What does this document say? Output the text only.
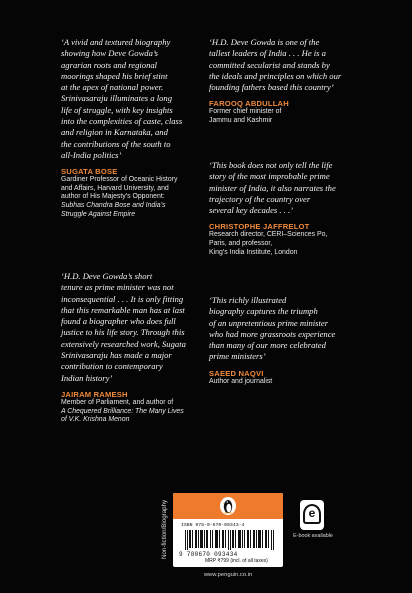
‘A vivid and textured biography
showing how Deve Gowda’s
agrarian roots and regional
moorings shaped his brief stint
at the apex of national power.
Srinivasaraju illuminates a long
life of struggle, with key insights
into the complexities of caste, class
and religion in Karnataka, and
the contributions of the south to
all-India politics’
SUGATA BOSE
Gardiner Professor of Oceanic History
and Affairs, Harvard University, and
author of His Majesty’s Opponent:
Subhas Chandra Bose and India’s
Struggle Against Empire
‘H.D. Deve Gowda is one of the
tallest leaders of India . . . He is a
committed secularist and stands by
the ideals and principles on which our
founding fathers based this country’
FAROOQ ABDULLAH
Former chief minister of
Jammu and Kashmir
‘This book does not only tell the life
story of the most improbable prime
minister of India, it also narrates the
trajectory of the country over
several key decades . . .’
CHRISTOPHE JAFFRELOT
Research director, CERI–Sciences Po,
Paris, and professor,
King’s India Institute, London
‘H.D. Deve Gowda’s short
tenure as prime minister was not
inconsequential . . . It is only fitting
that this remarkable man has at last
found a biographer who does full
justice to his life story. Through this
extensively researched work, Sugata
Srinivasaraju has made a major
contribution to contemporary
Indian history’
JAIRAM RAMESH
Member of Parliament, and author of
A Chequered Brilliance: The Many Lives
of V.K. Krishna Menon
‘This richly illustrated
biography captures the triumph
of an unpretentious prime minister
who had more grassroots experience
than many of our more celebrated
prime ministers’
SAEED NAQVI
Author and journalist
Non-fiction/Biography	ISBN 978-0-670-09343-4
9 780670 093434
MRP ₹799 (incl. of all taxes)
www.penguin.co.in
e
E-book available
